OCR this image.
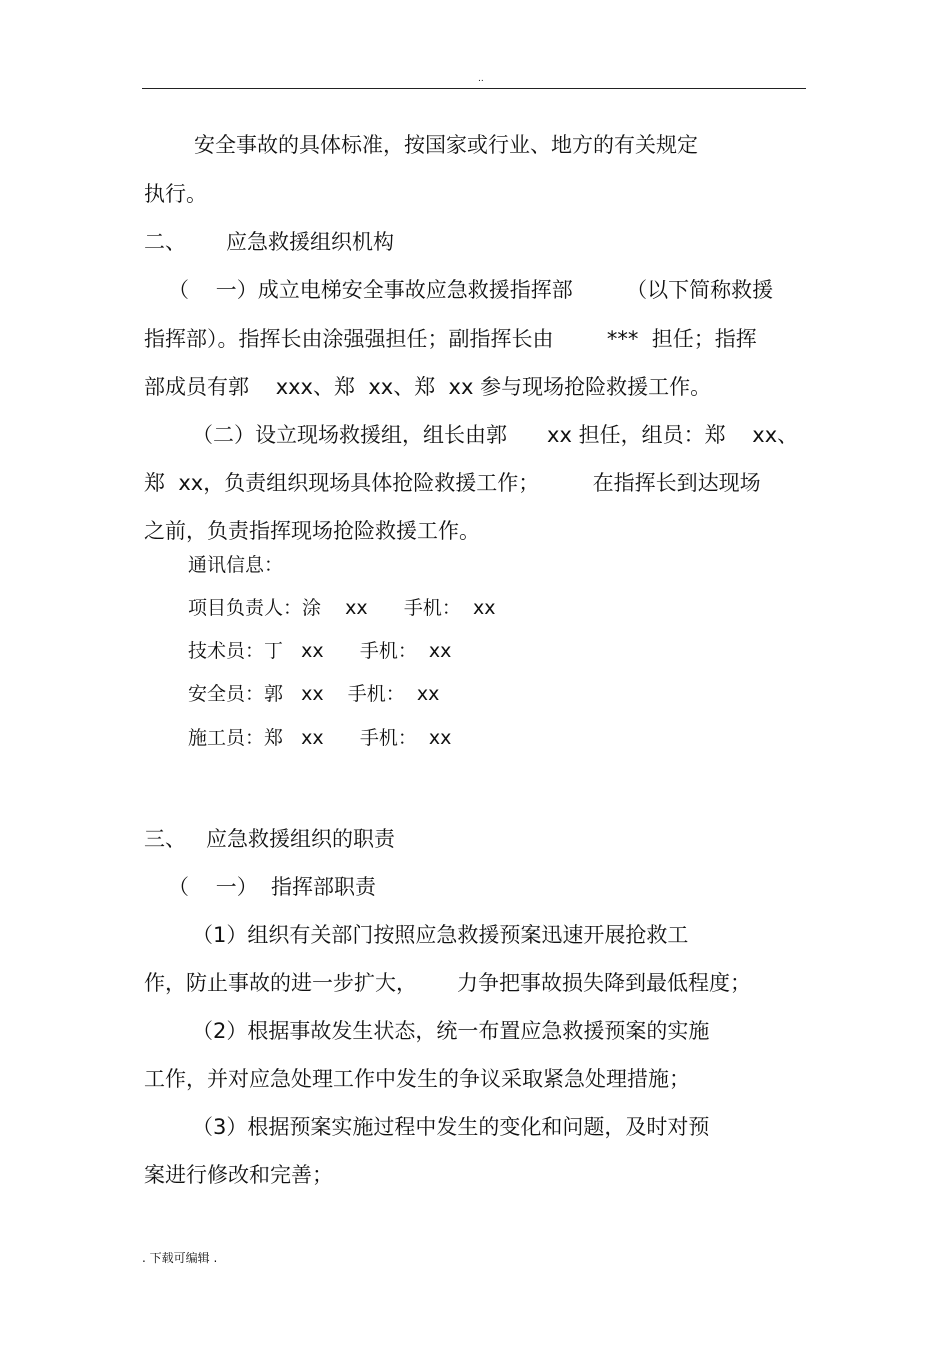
..
安全事故的具体标准，按国家或行业、地方的有关规定
执行。
二、      应急救援组织机构
（    一）成立电梯安全事故应急救援指挥部        （以下简称救援
指挥部）。指挥长由涂强强担任；副指挥长由        ***  担任；指挥
部成员有郭    xxx、郑  xx、郑  xx 参与现场抢险救援工作。
（二）设立现场救援组，组长由郭      xx 担任，组员：郑    xx、
郑  xx，负责组织现场具体抢险救援工作；        在指挥长到达现场
之前，负责指挥现场抢险救援工作。
通讯信息：
项目负责人：涂    xx      手机：  xx
技术员：丁   xx      手机：  xx
安全员：郭   xx    手机：  xx
施工员：郑   xx      手机：  xx
三、   应急救援组织的职责
（    一）  指挥部职责
（1）组织有关部门按照应急救援预案迅速开展抢救工
作，防止事故的进一步扩大，      力争把事故损失降到最低程度；
（2）根据事故发生状态，统一布置应急救援预案的实施
工作，并对应急处理工作中发生的争议采取紧急处理措施；
（3）根据预案实施过程中发生的变化和问题，及时对预
案进行修改和完善；
. 下载可编辑 .
